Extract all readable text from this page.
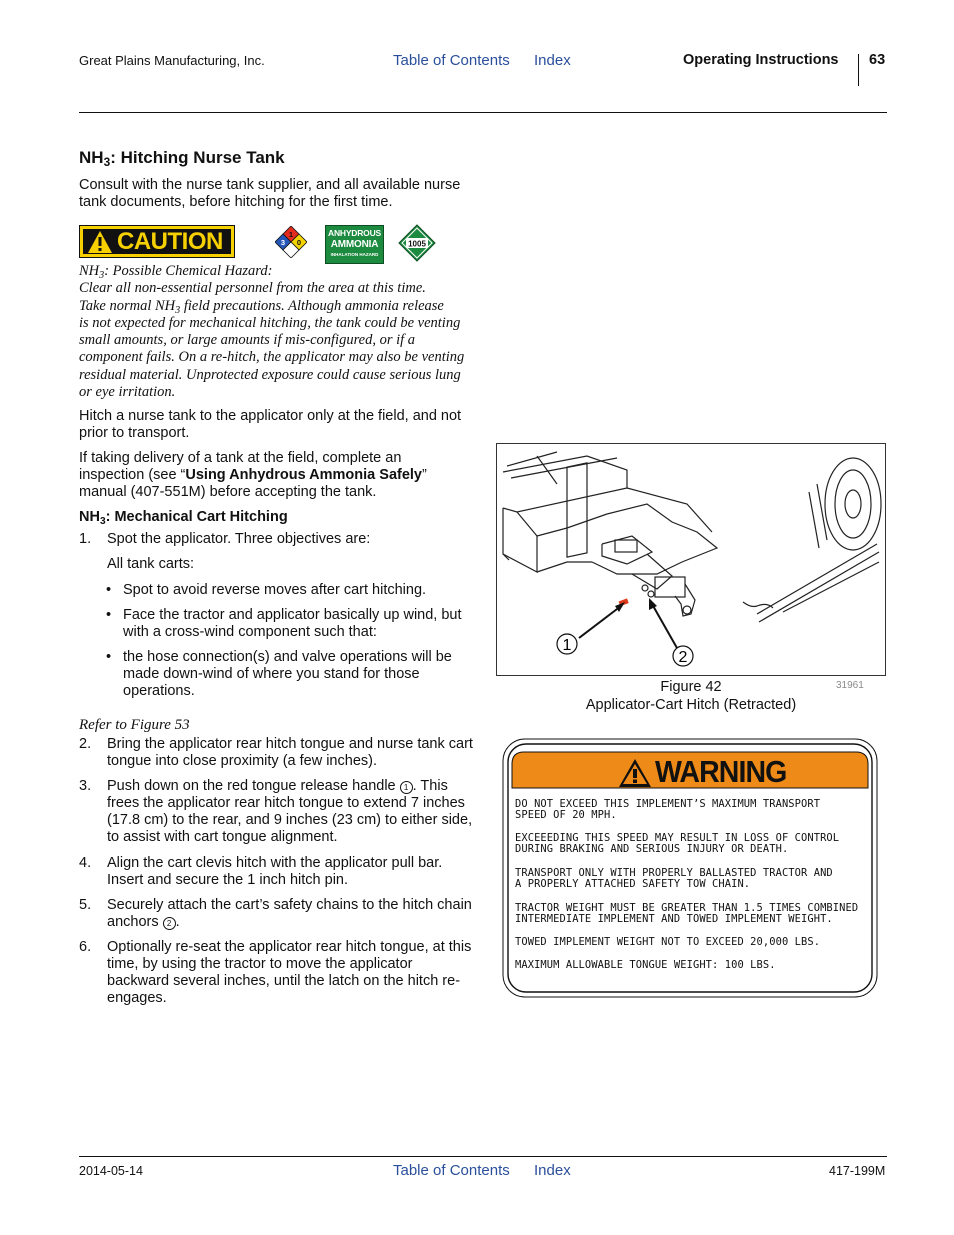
Great Plains Manufacturing, Inc.	Table of Contents Index	Operating Instructions 63
$NH_3$: Hitching Nurse Tank

Consult with the nurse tank supplier, and all available nurse tank documents, before hitching for the first time.

CAUTION	1
3 0
ANHYDROUS
AMMONIA
INHALATION HAZARD
1005
$NH_3$: Possible Chemical Hazard:
Clear all non-essential personnel from the area at this time.
Take normal $NH_3$ field precautions. Although ammonia release
is not expected for mechanical hitching, the tank could be venting small amounts, or large amounts if mis-configured, or if a component fails. On a re-hitch, the applicator may also be venting residual material. Unprotected exposure could cause serious lung or eye irritation.

Hitch a nurse tank to the applicator only at the field, and not prior to transport.

If taking delivery of a tank at the field, complete an inspection (see “Using Anhydrous Ammonia Safely” manual (407-551M) before accepting the tank.

$NH_3$: Mechanical Cart Hitching
1. Spot the applicator. Three objectives are:
All tank carts:
• Spot to avoid reverse moves after cart hitching.
• Face the tractor and applicator basically up wind, but with a cross-wind component such that:
• the hose connection(s) and valve operations will be made down-wind of where you stand for those operations.
Refer to Figure 53
2. Bring the applicator rear hitch tongue and nurse tank cart tongue into close proximity (a few inches).
3. Push down on the red tongue release handle 1 . This frees the applicator rear hitch tongue to extend 7 inches (17.8 cm) to the rear, and 9 inches (23 cm) to either side, to assist with cart tongue alignment.
4. Align the cart clevis hitch with the applicator pull bar. Insert and secure the 1 inch hitch pin.
5. Securely attach the cart’s safety chains to the hitch chain anchors 2 .
6. Optionally re-seat the applicator rear hitch tongue, at this time, by using the tractor to move the applicator backward several inches, until the latch on the hitch re-engages.
1
2
31961
Figure 42
Applicator-Cart Hitch (Retracted)
WARNING
DO NOT EXCEED THIS IMPLEMENT’S MAXIMUM TRANSPORT
SPEED OF 20 MPH.
EXCEEEDING THIS SPEED MAY RESULT IN LOSS OF CONTROL
DURING BRAKING AND SERIOUS INJURY OR DEATH.
TRANSPORT ONLY WITH PROPERLY BALLASTED TRACTOR AND
A PROPERLY ATTACHED SAFETY TOW CHAIN.
TRACTOR WEIGHT MUST BE GREATER THAN 1.5 TIMES COMBINED
INTERMEDIATE IMPLEMENT AND TOWED IMPLEMENT WEIGHT.
TOWED IMPLEMENT WEIGHT NOT TO EXCEED 20,000 LBS.
MAXIMUM ALLOWABLE TONGUE WEIGHT: 100 LBS.
2014-05-14	Table of Contents Index	417-199M
